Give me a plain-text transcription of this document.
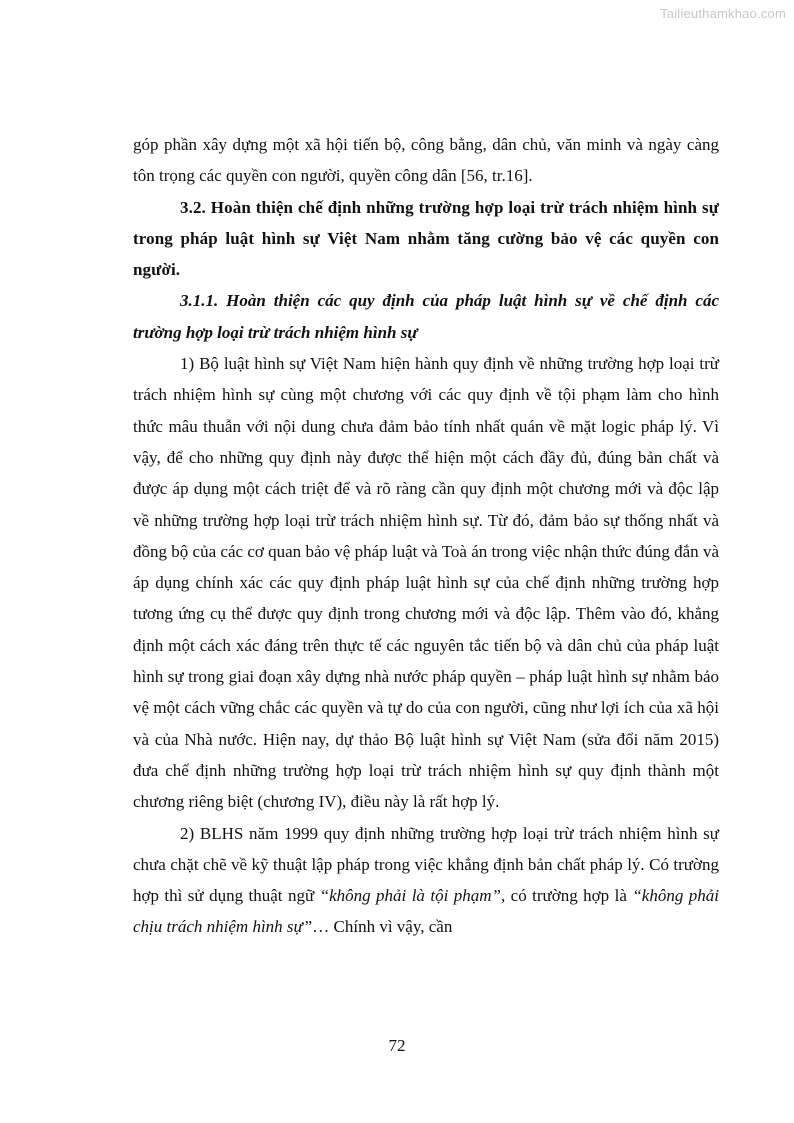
Tailieuthamkhao.com

góp phần xây dựng một xã hội tiến bộ, công bằng, dân chủ, văn minh và ngày càng tôn trọng các quyền con người, quyền công dân [56, tr.16].

3.2. Hoàn thiện chế định những trường hợp loại trừ trách nhiệm hình sự trong pháp luật hình sự Việt Nam nhằm tăng cường bảo vệ các quyền con người.

3.1.1. Hoàn thiện các quy định của pháp luật hình sự về chế định các trường hợp loại trừ trách nhiệm hình sự

1) Bộ luật hình sự Việt Nam hiện hành quy định về những trường hợp loại trừ trách nhiệm hình sự cùng một chương với các quy định về tội phạm làm cho hình thức mâu thuẫn với nội dung chưa đảm bảo tính nhất quán về mặt logic pháp lý. Vì vậy, để cho những quy định này được thể hiện một cách đầy đủ, đúng bản chất và được áp dụng một cách triệt để và rõ ràng cần quy định một chương mới và độc lập về những trường hợp loại trừ trách nhiệm hình sự. Từ đó, đảm bảo sự thống nhất và đồng bộ của các cơ quan bảo vệ pháp luật và Toà án trong việc nhận thức đúng đắn và áp dụng chính xác các quy định pháp luật hình sự của chế định những trường hợp tương ứng cụ thể được quy định trong chương mới và độc lập. Thêm vào đó, khẳng định một cách xác đáng trên thực tế các nguyên tắc tiến bộ và dân chủ của pháp luật hình sự trong giai đoạn xây dựng nhà nước pháp quyền – pháp luật hình sự nhằm bảo vệ một cách vững chắc các quyền và tự do của con người, cũng như lợi ích của xã hội và của Nhà nước. Hiện nay, dự thảo Bộ luật hình sự Việt Nam (sửa đổi năm 2015) đưa chế định những trường hợp loại trừ trách nhiệm hình sự quy định thành một chương riêng biệt (chương IV), điều này là rất hợp lý.

2) BLHS năm 1999 quy định những trường hợp loại trừ trách nhiệm hình sự chưa chặt chẽ về kỹ thuật lập pháp trong việc khẳng định bản chất pháp lý. Có trường hợp thì sử dụng thuật ngữ “không phải là tội phạm”, có trường hợp là “không phải chịu trách nhiệm hình sự”… Chính vì vậy, cần

72
